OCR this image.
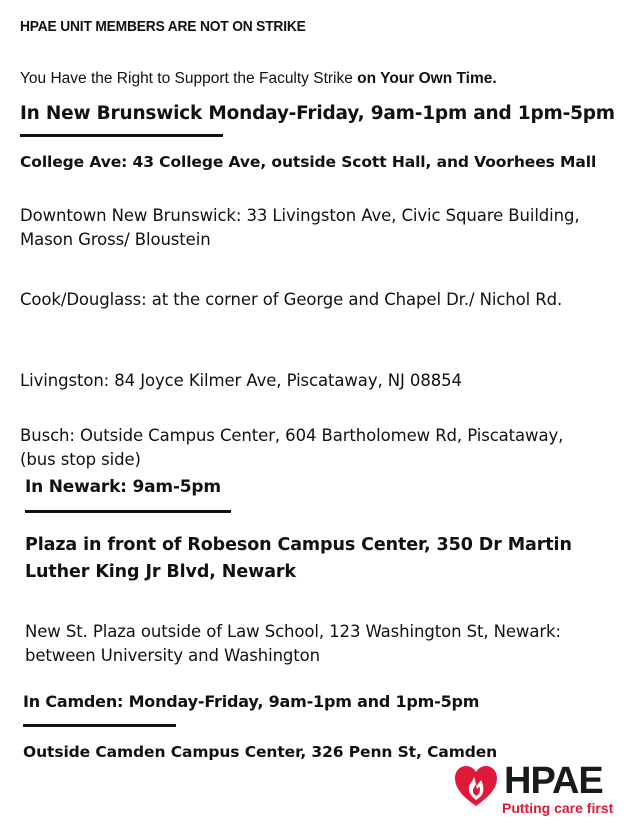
HPAE UNIT MEMBERS ARE NOT ON STRIKE
You Have the Right to Support the Faculty Strike on Your Own Time.
In New Brunswick Monday-Friday, 9am-1pm and 1pm-5pm
College Ave: 43 College Ave, outside Scott Hall, and Voorhees Mall
Downtown New Brunswick: 33 Livingston Ave, Civic Square Building, Mason Gross/ Bloustein
Cook/Douglass: at the corner of George and Chapel Dr./ Nichol Rd.
Livingston: 84 Joyce Kilmer Ave, Piscataway, NJ 08854
Busch: Outside Campus Center, 604 Bartholomew Rd, Piscataway, (bus stop side)
In Newark: 9am-5pm
Plaza in front of Robeson Campus Center, 350 Dr Martin Luther King Jr Blvd, Newark
New St. Plaza outside of Law School, 123 Washington St, Newark: between University and Washington
In Camden: Monday-Friday, 9am-1pm and 1pm-5pm
Outside Camden Campus Center, 326 Penn St, Camden
HPAE
Putting care first
